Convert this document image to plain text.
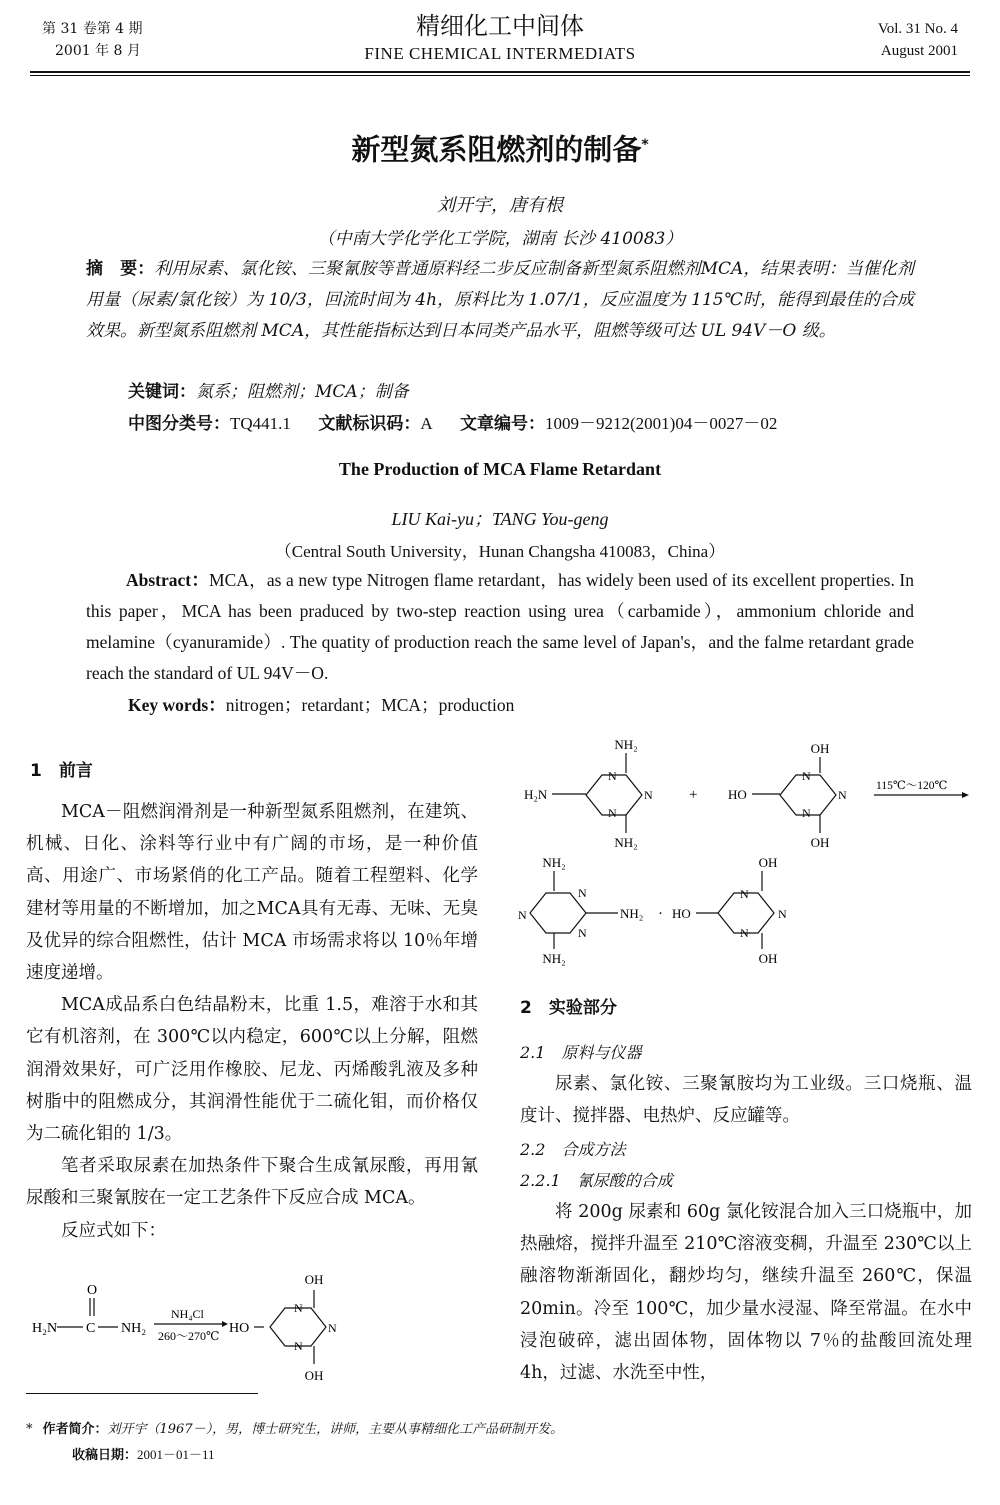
第 31 卷第 4 期
2001 年 8 月
精细化工中间体
FINE CHEMICAL INTERMEDIATS
Vol. 31 No. 4
August 2001
新型氮系阻燃剂的制备*
刘开宇，唐有根
（中南大学化学化工学院，湖南 长沙 410083）

摘　要：利用尿素、氯化铵、三聚氰胺等普通原料经二步反应制备新型氮系阻燃剂MCA，结果表明：当催化剂用量（尿素/氯化铵）为 10/3，回流时间为 4h，原料比为 1.07/1，反应温度为 115℃时，能得到最佳的合成效果。新型氮系阻燃剂 MCA，其性能指标达到日本同类产品水平，阻燃等级可达 UL 94V－O 级。

关键词：氮系；阻燃剂；MCA；制备
中图分类号：TQ441.1 文献标识码：A 文章编号：1009－9212(2001)04－0027－02
The Production of MCA Flame Retardant
LIU Kai-yu；TANG You-geng
（Central South University，Hunan Changsha 410083，China）

Abstract：MCA，as a new type Nitrogen flame retardant，has widely been used of its excellent properties. In this paper，MCA has been praduced by two-step reaction using urea（carbamide），ammonium chloride and melamine（cyanuramide）. The quatity of production reach the same level of Japan's，and the falme retardant grade reach the standard of UL 94V－O.

Key words：nitrogen；retardant；MCA；production
1　前言

MCA－阻燃润滑剂是一种新型氮系阻燃剂，在建筑、机械、日化、涂料等行业中有广阔的市场，是一种价值高、用途广、市场紧俏的化工产品。随着工程塑料、化学建材等用量的不断增加，加之MCA具有无毒、无味、无臭及优异的综合阻燃性，估计 MCA 市场需求将以 10％年增速度递增。

MCA成品系白色结晶粉末，比重 1.5，难溶于水和其它有机溶剂，在 300℃以内稳定，600℃以上分解，阻燃润滑效果好，可广泛用作橡胶、尼龙、丙烯酸乳液及多种树脂中的阻燃成分，其润滑性能优于二硫化钼，而价格仅为二硫化钼的 1/3。

笔者采取尿素在加热条件下聚合生成氰尿酸，再用氰尿酸和三聚氰胺在一定工艺条件下反应合成 MCA。

反应式如下：

O
H₂N C NH₂
NH₄Cl
260～270℃ HO
OH
OH
N
N
N
NH₂
H₂N
N
N
N
NH₂
+
OH
HO
N
N
N
OH
115℃～120℃
NH₂
N
N
N
NH₂
NH₂
· HO
OH
N
N
N
OH
2　实验部分
2.1　原料与仪器

尿素、氯化铵、三聚氰胺均为工业级。三口烧瓶、温度计、搅拌器、电热炉、反应罐等。

2.2　合成方法
2.2.1　氰尿酸的合成

将 200g 尿素和 60g 氯化铵混合加入三口烧瓶中，加热融熔，搅拌升温至 210℃溶液变稠，升温至 230℃以上融溶物渐渐固化，翻炒均匀，继续升温至 260℃，保温 20min。冷至 100℃，加少量水浸湿、降至常温。在水中浸泡破碎，滤出固体物，固体物以 7％的盐酸回流处理 4h，过滤、水洗至中性，

* 作者简介：刘开宇（1967－），男，博士研究生，讲师，主要从事精细化工产品研制开发。
收稿日期：2001－01－11
